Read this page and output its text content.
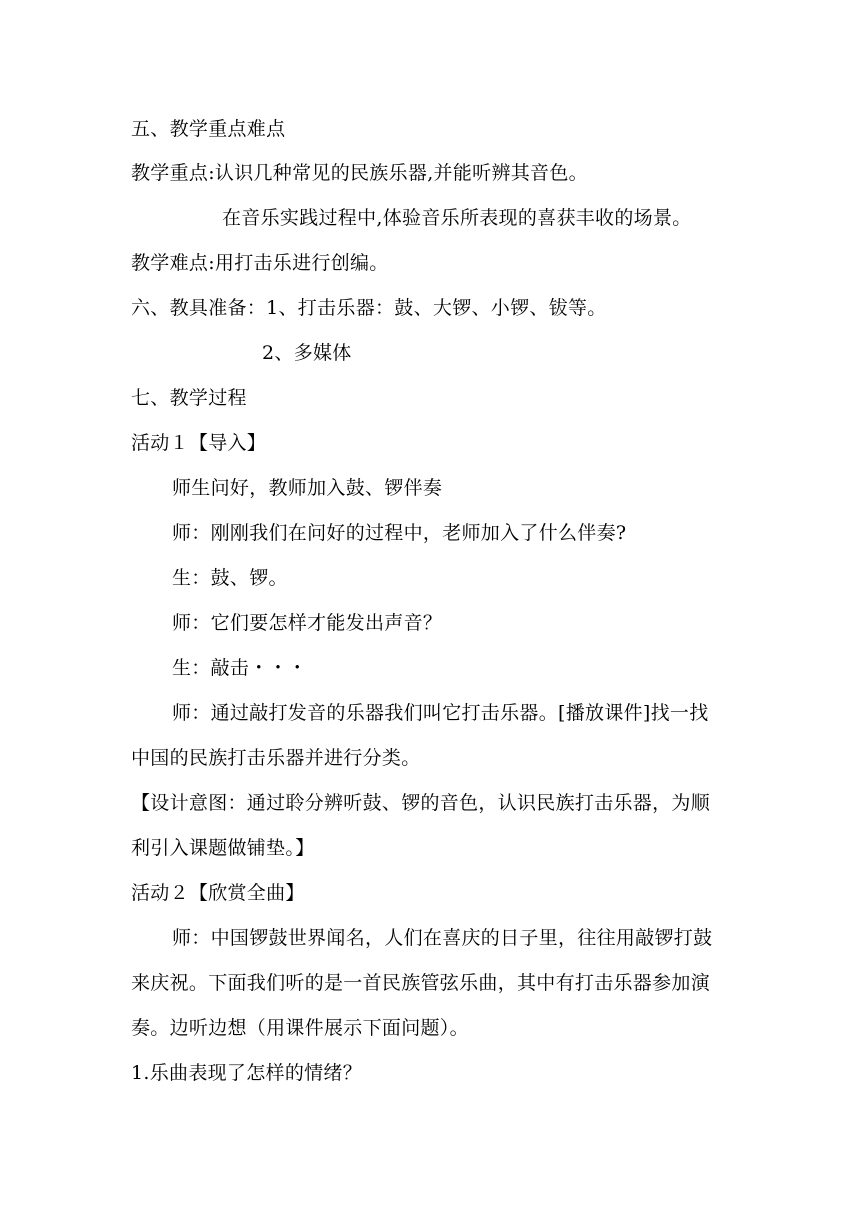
五、教学重点难点
教学重点:认识几种常见的民族乐器,并能听辨其音色。
在音乐实践过程中,体验音乐所表现的喜获丰收的场景。
教学难点:用打击乐进行创编。
六、教具准备：1、打击乐器：鼓、大锣、小锣、钹等。
2、多媒体
七、教学过程
活动１【导入】
师生问好，教师加入鼓、锣伴奏
师：刚刚我们在问好的过程中，老师加入了什么伴奏?
生：鼓、锣。
师：它们要怎样才能发出声音？
生：敲击・・・
师：通过敲打发音的乐器我们叫它打击乐器。[播放课件]找一找
中国的民族打击乐器并进行分类。
【设计意图：通过聆分辨听鼓、锣的音色，认识民族打击乐器，为顺
利引入课题做铺垫。】
活动２【欣赏全曲】
师：中国锣鼓世界闻名，人们在喜庆的日子里，往往用敲锣打鼓
来庆祝。下面我们听的是一首民族管弦乐曲，其中有打击乐器参加演
奏。边听边想（用课件展示下面问题）。
1.乐曲表现了怎样的情绪？
